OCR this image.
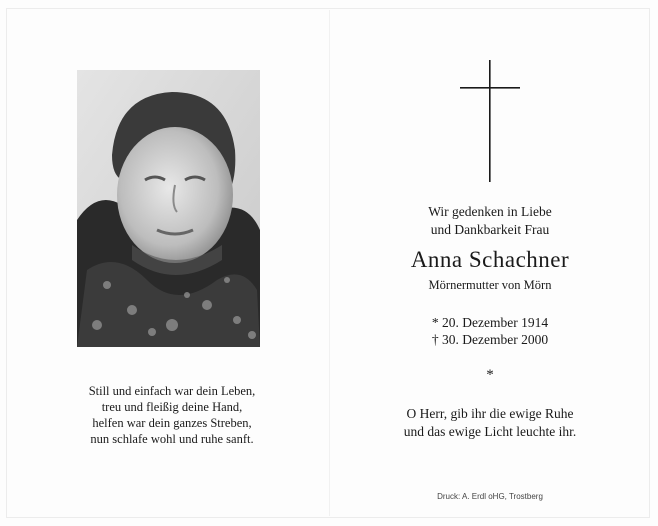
Still und einfach war dein Leben,
treu und fleißig deine Hand,
helfen war dein ganzes Streben,
nun schlafe wohl und ruhe sanft.
Wir gedenken in Liebe
und Dankbarkeit Frau
Anna Schachner
Mörnermutter von Mörn
* 20. Dezember 1914
† 30. Dezember 2000
*
O Herr, gib ihr die ewige Ruhe
und das ewige Licht leuchte ihr.
Druck: A. Erdl oHG, Trostberg
